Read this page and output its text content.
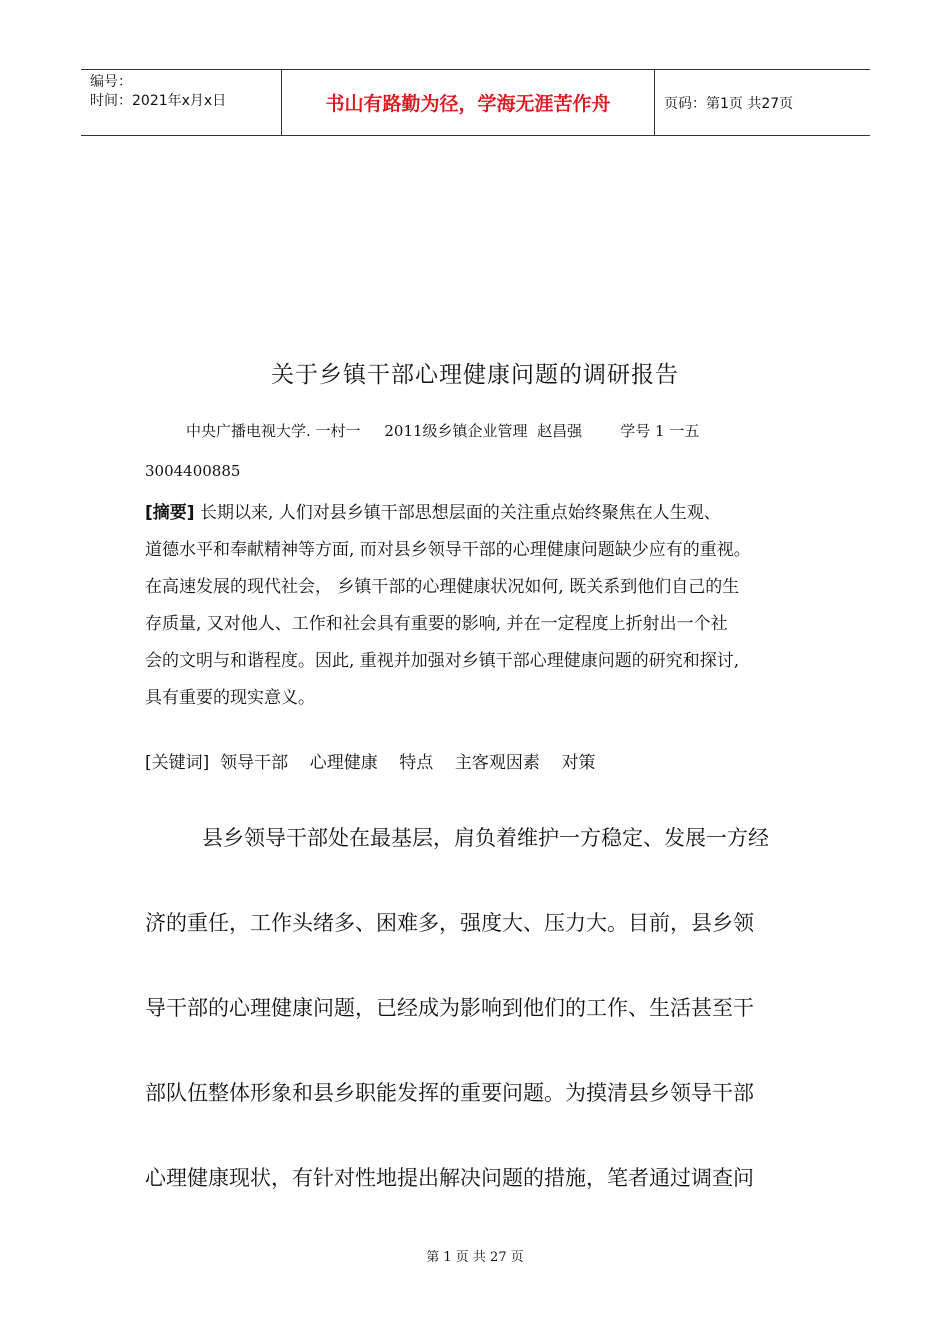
编号：
时间：2021年x月x日	书山有路勤为径，学海无涯苦作舟	页码：第1页 共27页
关于乡镇干部心理健康问题的调研报告
中央广播电视大学. 一村一     2011级乡镇企业管理  赵昌强        学号 1 一五
3004400885
[摘要] 长期以来, 人们对县乡镇干部思想层面的关注重点始终聚焦在人生观、
道德水平和奉献精神等方面, 而对县乡领导干部的心理健康问题缺少应有的重视。
在高速发展的现代社会， 乡镇干部的心理健康状况如何, 既关系到他们自己的生
存质量, 又对他人、工作和社会具有重要的影响, 并在一定程度上折射出一个社
会的文明与和谐程度。因此, 重视并加强对乡镇干部心理健康问题的研究和探讨,
具有重要的现实意义。
[关键词]  领导干部    心理健康    特点    主客观因素    对策
县乡领导干部处在最基层，肩负着维护一方稳定、发展一方经
济的重任，工作头绪多、困难多，强度大、压力大。目前，县乡领
导干部的心理健康问题，已经成为影响到他们的工作、生活甚至干
部队伍整体形象和县乡职能发挥的重要问题。为摸清县乡领导干部
心理健康现状，有针对性地提出解决问题的措施，笔者通过调查问
第 1 页 共 27 页
